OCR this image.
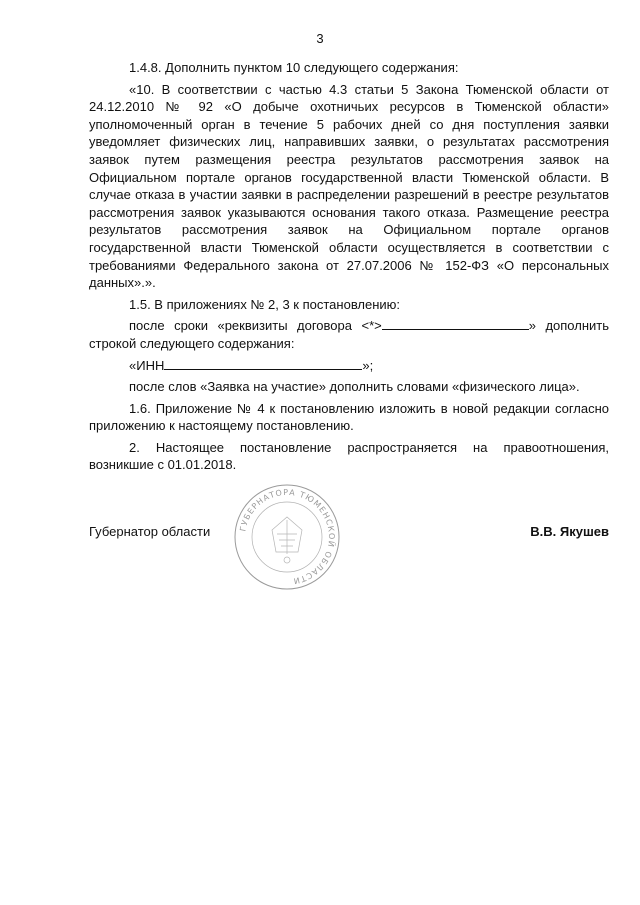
3

1.4.8. Дополнить пунктом 10 следующего содержания:

«10. В соответствии с частью 4.3 статьи 5 Закона Тюменской области от 24.12.2010 № 92 «О добыче охотничьих ресурсов в Тюменской области» уполномоченный орган в течение 5 рабочих дней со дня поступления заявки уведомляет физических лиц, направивших заявки, о результатах рассмотрения заявок путем размещения реестра результатов рассмотрения заявок на Официальном портале органов государственной власти Тюменской области. В случае отказа в участии заявки в распределении разрешений в реестре результатов рассмотрения заявок указываются основания такого отказа. Размещение реестра результатов рассмотрения заявок на Официальном портале органов государственной власти Тюменской области осуществляется в соответствии с требованиями Федерального закона от 27.07.2006 № 152-ФЗ «О персональных данных».».

1.5. В приложениях № 2, 3 к постановлению:

после сроки «реквизиты договора <*>	» дополнить строкой следующего содержания:

«ИНН	»;

после слов «Заявка на участие» дополнить словами «физического лица».

1.6. Приложение № 4 к постановлению изложить в новой редакции согласно приложению к настоящему постановлению.

2. Настоящее постановление распространяется на правоотношения, возникшие с 01.01.2018.

Губернатор области	В.В. Якушев
ГУБЕРНАТОРА ТЮМЕНСКОЙ ОБЛАСТИ
